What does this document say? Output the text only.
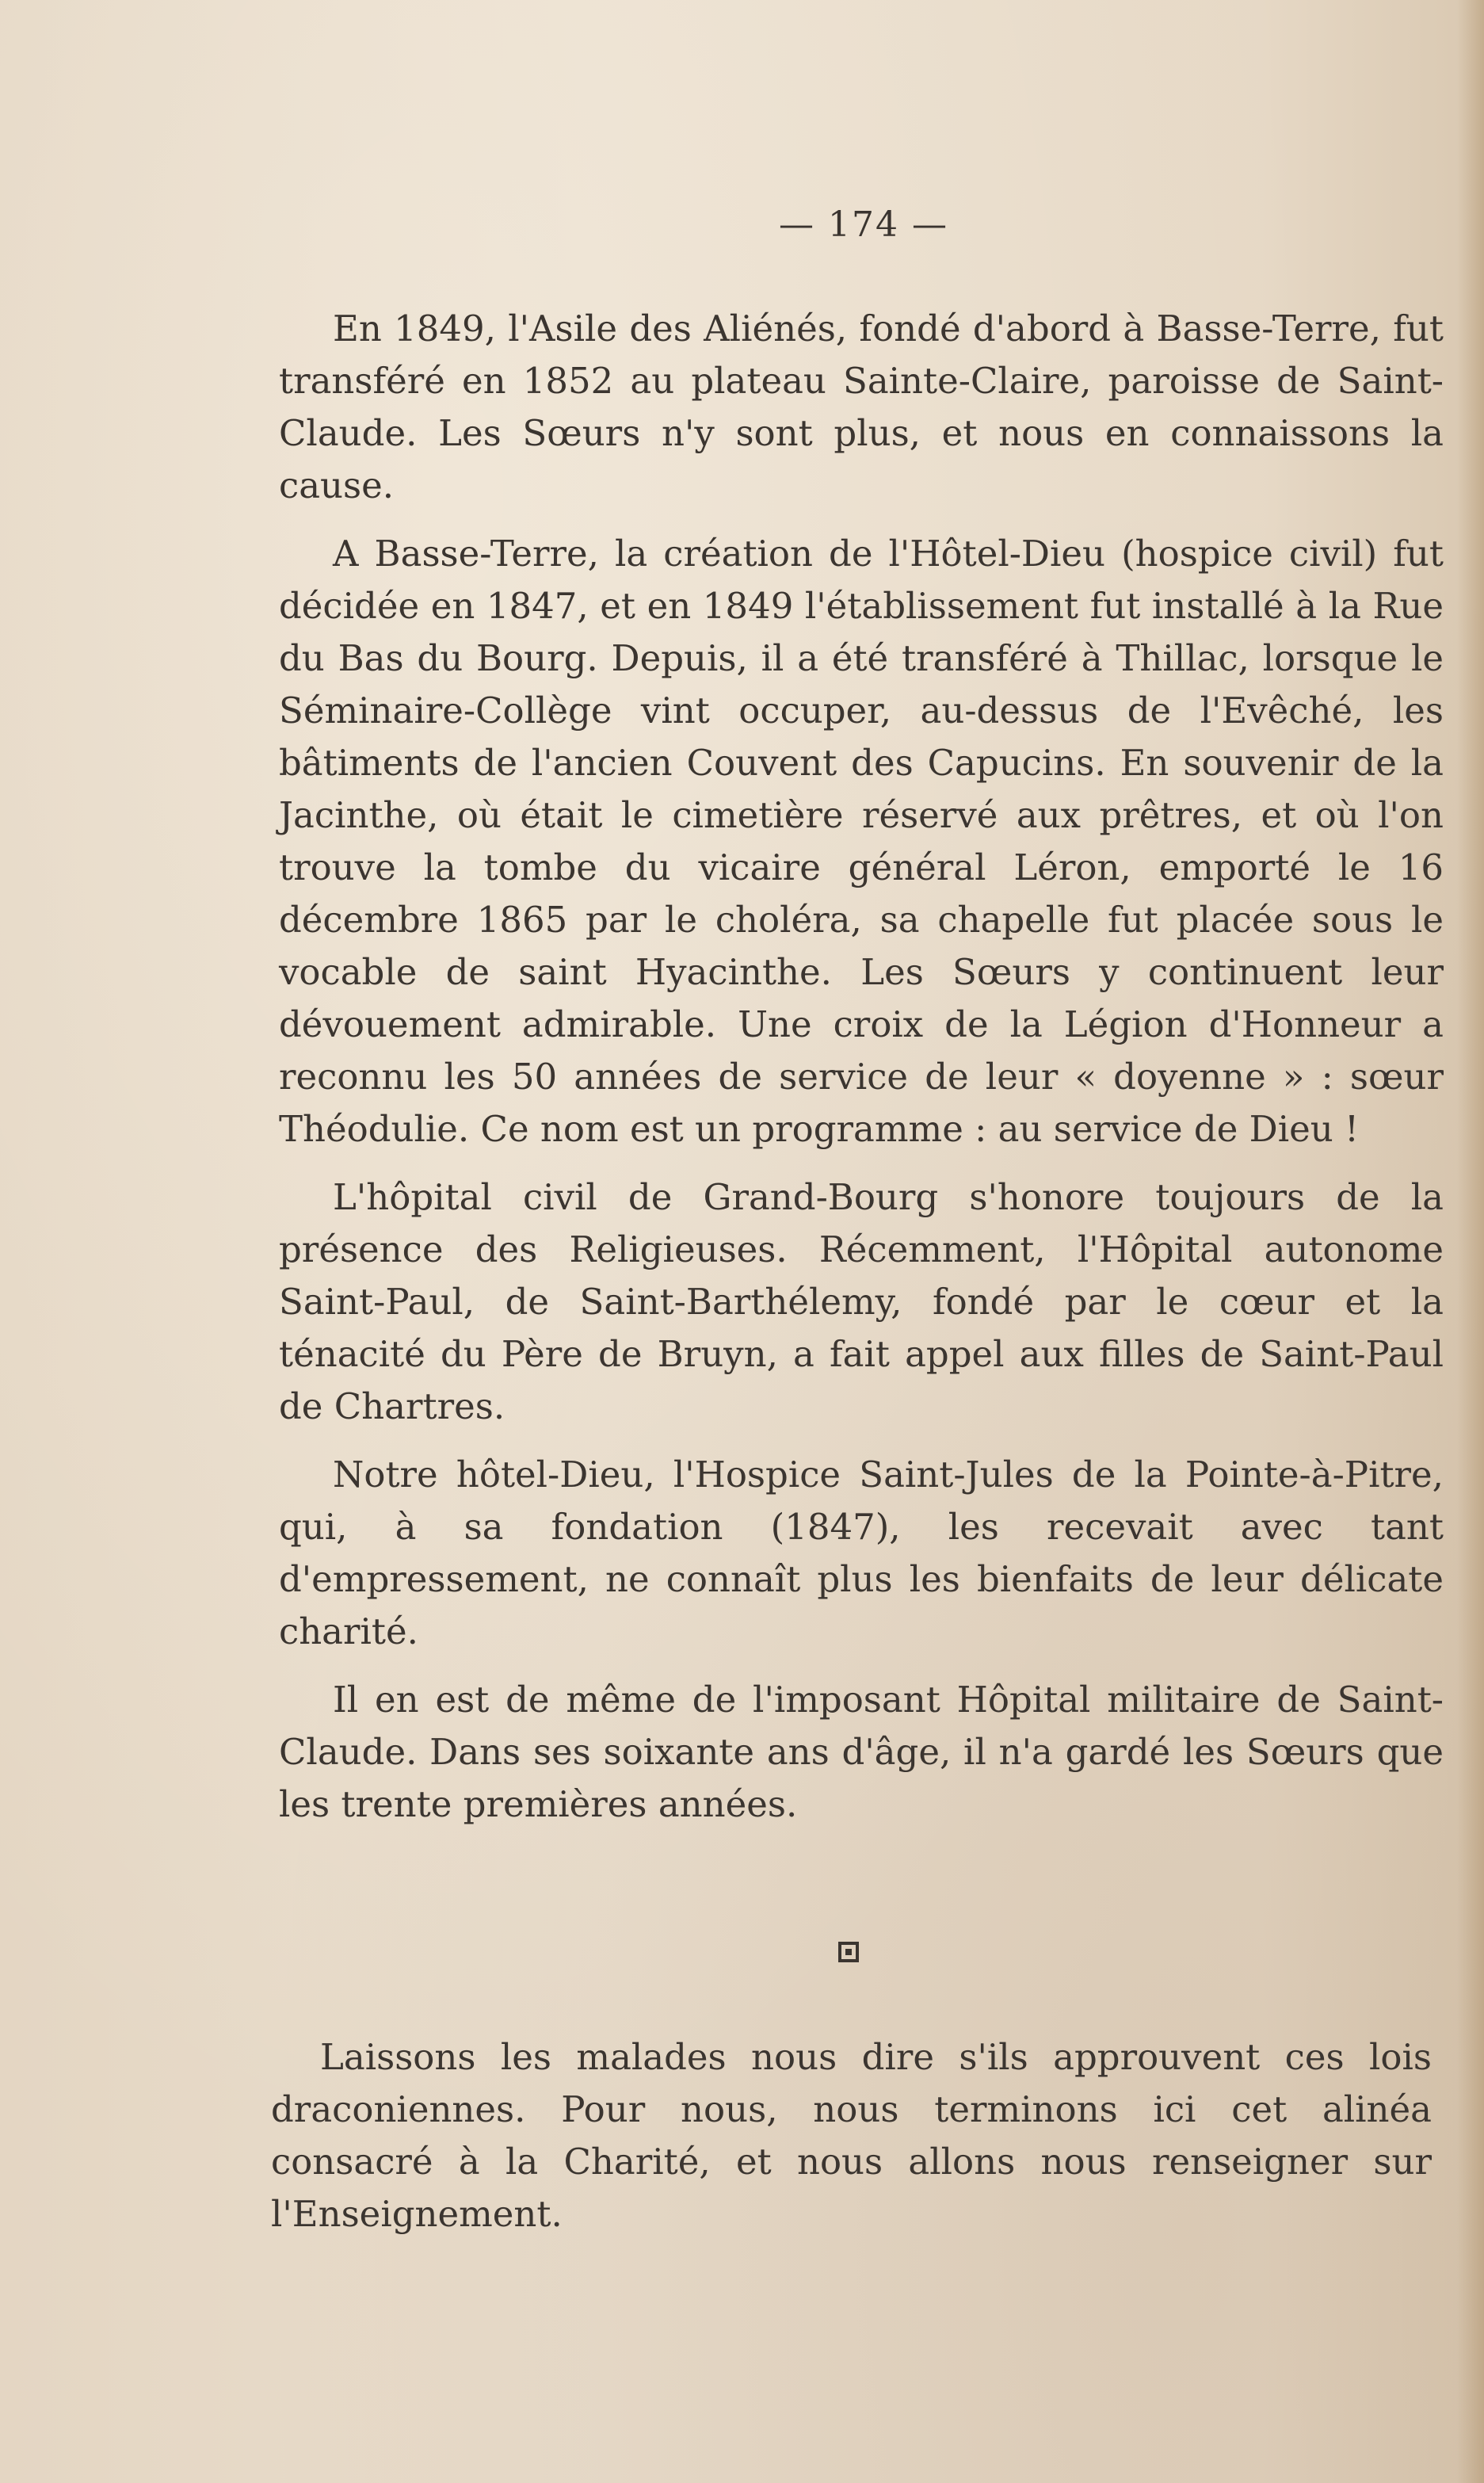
— 174 —

En 1849, l'Asile des Aliénés, fondé d'abord à Basse-Terre, fut transféré en 1852 au plateau Sainte-Claire, paroisse de Saint-Claude. Les Sœurs n'y sont plus, et nous en connaissons la cause.

A Basse-Terre, la création de l'Hôtel-Dieu (hospice civil) fut décidée en 1847, et en 1849 l'établissement fut installé à la Rue du Bas du Bourg. Depuis, il a été transféré à Thillac, lorsque le Séminaire-Collège vint occuper, au-dessus de l'Evêché, les bâtiments de l'ancien Couvent des Capucins. En souvenir de la Jacinthe, où était le cimetière réservé aux prêtres, et où l'on trouve la tombe du vicaire général Léron, emporté le 16 décembre 1865 par le choléra, sa chapelle fut placée sous le vocable de saint Hyacinthe. Les Sœurs y continuent leur dévouement admirable. Une croix de la Légion d'Honneur a reconnu les 50 années de service de leur « doyenne » : sœur Théodulie. Ce nom est un programme : au service de Dieu !

L'hôpital civil de Grand-Bourg s'honore toujours de la présence des Religieuses. Récemment, l'Hôpital autonome Saint-Paul, de Saint-Barthélemy, fondé par le cœur et la ténacité du Père de Bruyn, a fait appel aux filles de Saint-Paul de Chartres.

Notre hôtel-Dieu, l'Hospice Saint-Jules de la Pointe-à-Pitre, qui, à sa fondation (1847), les recevait avec tant d'empressement, ne connaît plus les bienfaits de leur délicate charité.

Il en est de même de l'imposant Hôpital militaire de Saint-Claude. Dans ses soixante ans d'âge, il n'a gardé les Sœurs que les trente premières années.

Laissons les malades nous dire s'ils approuvent ces lois draconiennes. Pour nous, nous terminons ici cet alinéa consacré à la Charité, et nous allons nous renseigner sur l'Enseignement.
